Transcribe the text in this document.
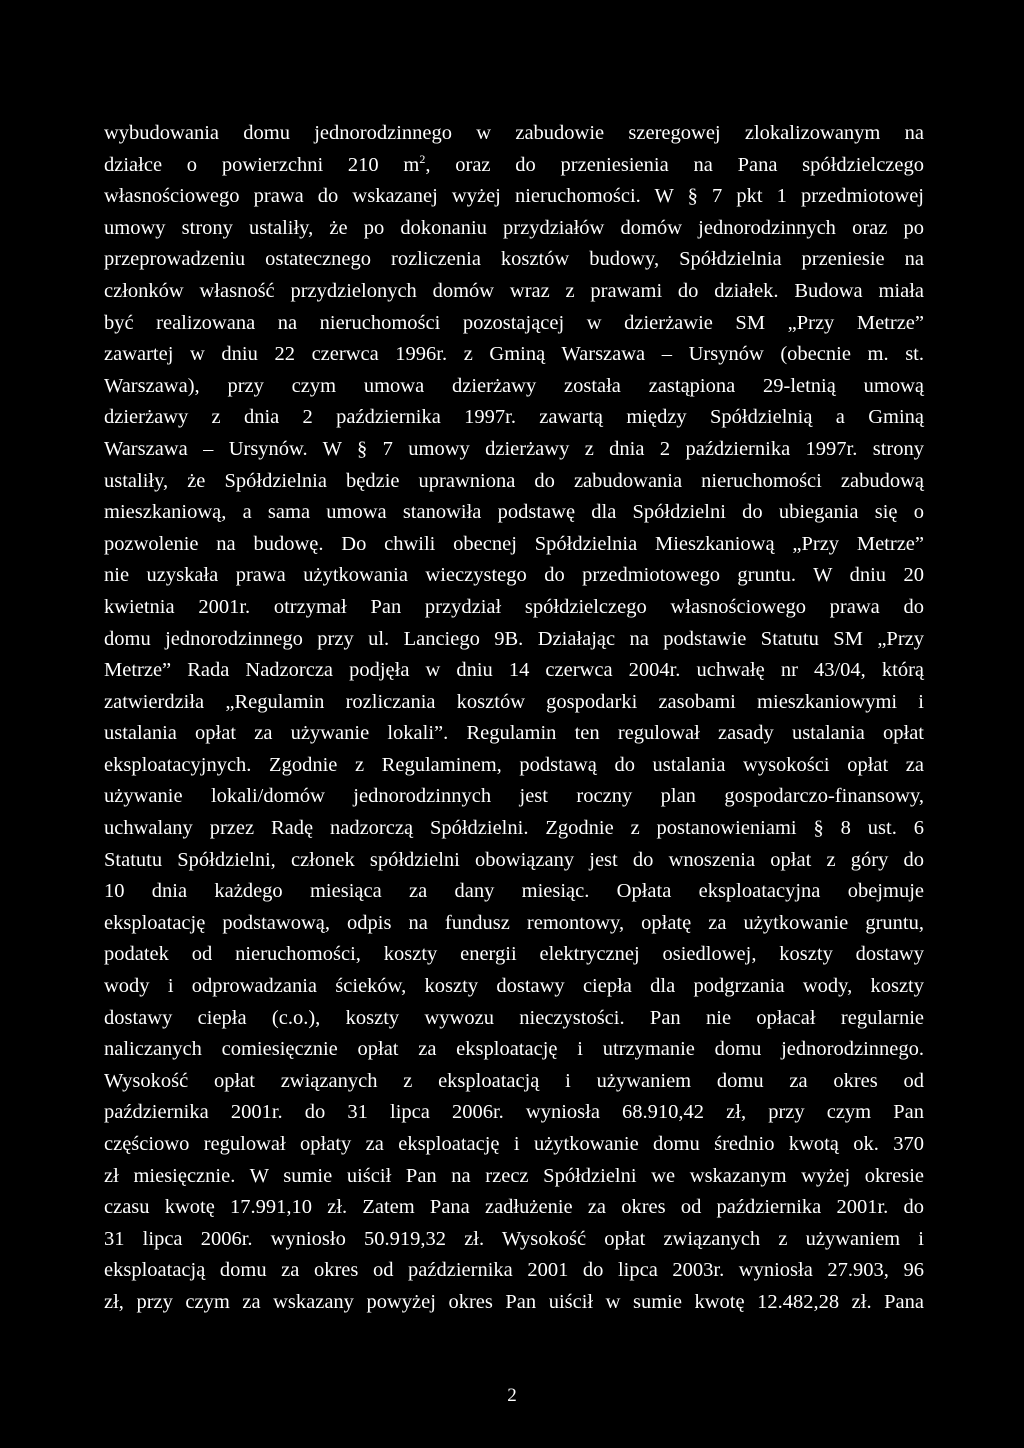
wybudowania domu jednorodzinnego w zabudowie szeregowej zlokalizowanym na
działce o powierzchni 210 $m^2$, oraz do przeniesienia na Pana spółdzielczego
własnościowego prawa do wskazanej wyżej nieruchomości. W § 7 pkt 1 przedmiotowej
umowy strony ustaliły, że po dokonaniu przydziałów domów jednorodzinnych oraz po
przeprowadzeniu ostatecznego rozliczenia kosztów budowy, Spółdzielnia przeniesie na
członków własność przydzielonych domów wraz z prawami do działek. Budowa miała
być realizowana na nieruchomości pozostającej w dzierżawie SM „Przy Metrze”
zawartej w dniu 22 czerwca 1996r. z Gminą Warszawa – Ursynów (obecnie m. st.
Warszawa), przy czym umowa dzierżawy została zastąpiona 29-letnią umową
dzierżawy z dnia 2 października 1997r. zawartą między Spółdzielnią a Gminą
Warszawa – Ursynów. W § 7 umowy dzierżawy z dnia 2 października 1997r. strony
ustaliły, że Spółdzielnia będzie uprawniona do zabudowania nieruchomości zabudową
mieszkaniową, a sama umowa stanowiła podstawę dla Spółdzielni do ubiegania się o
pozwolenie na budowę. Do chwili obecnej Spółdzielnia Mieszkaniową „Przy Metrze”
nie uzyskała prawa użytkowania wieczystego do przedmiotowego gruntu. W dniu 20
kwietnia 2001r. otrzymał Pan przydział spółdzielczego własnościowego prawa do
domu jednorodzinnego przy ul. Lanciego 9B. Działając na podstawie Statutu SM „Przy
Metrze” Rada Nadzorcza podjęła w dniu 14 czerwca 2004r. uchwałę nr 43/04, którą
zatwierdziła „Regulamin rozliczania kosztów gospodarki zasobami mieszkaniowymi i
ustalania opłat za używanie lokali”. Regulamin ten regulował zasady ustalania opłat
eksploatacyjnych. Zgodnie z Regulaminem, podstawą do ustalania wysokości opłat za
używanie lokali/domów jednorodzinnych jest roczny plan gospodarczo-finansowy,
uchwalany przez Radę nadzorczą Spółdzielni. Zgodnie z postanowieniami § 8 ust. 6
Statutu Spółdzielni, członek spółdzielni obowiązany jest do wnoszenia opłat z góry do
10 dnia każdego miesiąca za dany miesiąc. Opłata eksploatacyjna obejmuje
eksploatację podstawową, odpis na fundusz remontowy, opłatę za użytkowanie gruntu,
podatek od nieruchomości, koszty energii elektrycznej osiedlowej, koszty dostawy
wody i odprowadzania ścieków, koszty dostawy ciepła dla podgrzania wody, koszty
dostawy ciepła (c.o.), koszty wywozu nieczystości. Pan nie opłacał regularnie
naliczanych comiesięcznie opłat za eksploatację i utrzymanie domu jednorodzinnego.
Wysokość opłat związanych z eksploatacją i używaniem domu za okres od
października 2001r. do 31 lipca 2006r. wyniosła 68.910,42 zł, przy czym Pan
częściowo regulował opłaty za eksploatację i użytkowanie domu średnio kwotą ok. 370
zł miesięcznie. W sumie uiścił Pan na rzecz Spółdzielni we wskazanym wyżej okresie
czasu kwotę 17.991,10 zł. Zatem Pana zadłużenie za okres od października 2001r. do
31 lipca 2006r. wyniosło 50.919,32 zł. Wysokość opłat związanych z używaniem i
eksploatacją domu za okres od października 2001 do lipca 2003r. wyniosła 27.903, 96
zł, przy czym za wskazany powyżej okres Pan uiścił w sumie kwotę 12.482,28 zł. Pana
2
